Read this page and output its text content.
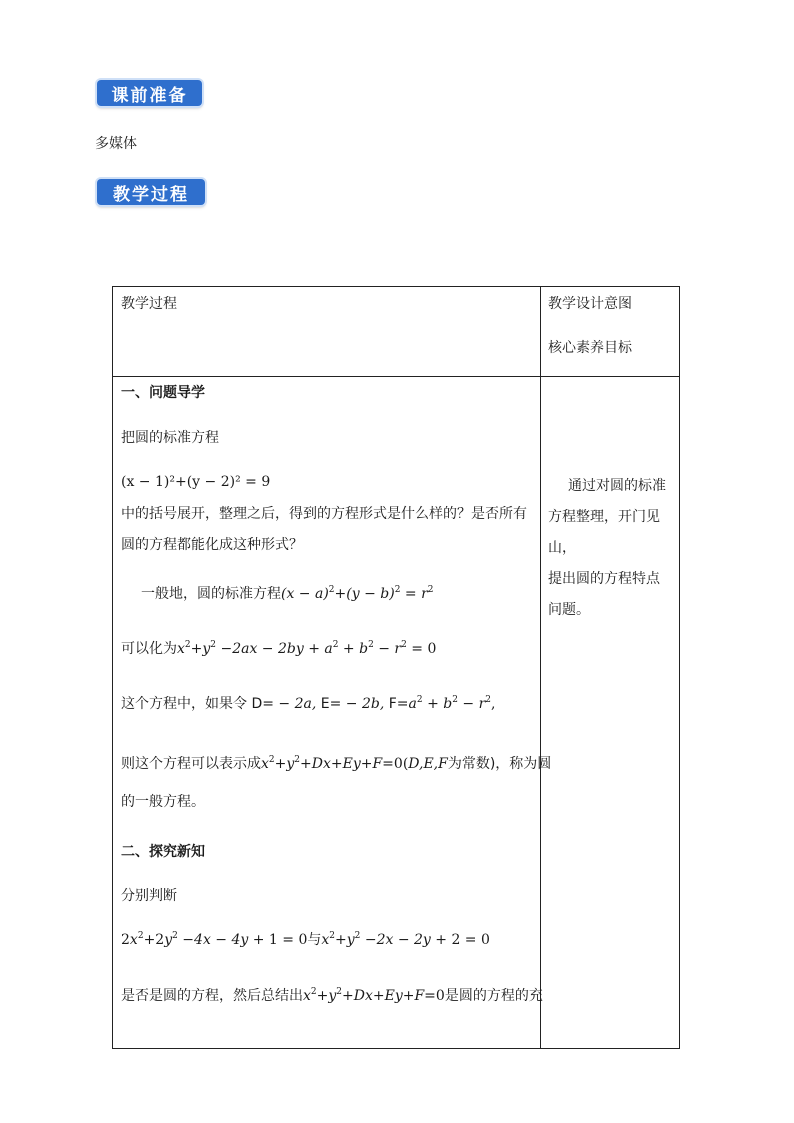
课前准备
多媒体
教学过程
教学过程	教学设计意图
核心素养目标
一、问题导学
把圆的标准方程
(x − 1)²+(y − 2)² = 9
中的括号展开，整理之后，得到的方程形式是什么样的？是否所有
圆的方程都能化成这种形式？
一般地，圆的标准方程$(x - a)^2+(y - b)^2 = r^2$
可以化为$x^2+y^2 -2ax - 2by + a^2 + b^2 - r^2 = 0$
这个方程中，如果令 D= − 2a, E= − 2b, $F=a^2 + b^2 - r^2$,
则这个方程可以表示成$x^2+y^2+Dx+Ey+F=0(D,E,F$为常数)，称为圆
的一般方程。
二、探究新知
分别判断
$2x^2+2y^2 -4x - 4y + 1 = 0$与$x^2+y^2 -2x - 2y + 2 = 0$
是否是圆的方程，然后总结出$x^2+y^2+Dx+Ey+F=0$是圆的方程的充

通过对圆的标准

方程整理，开门见山，

提出圆的方程特点

问题。
